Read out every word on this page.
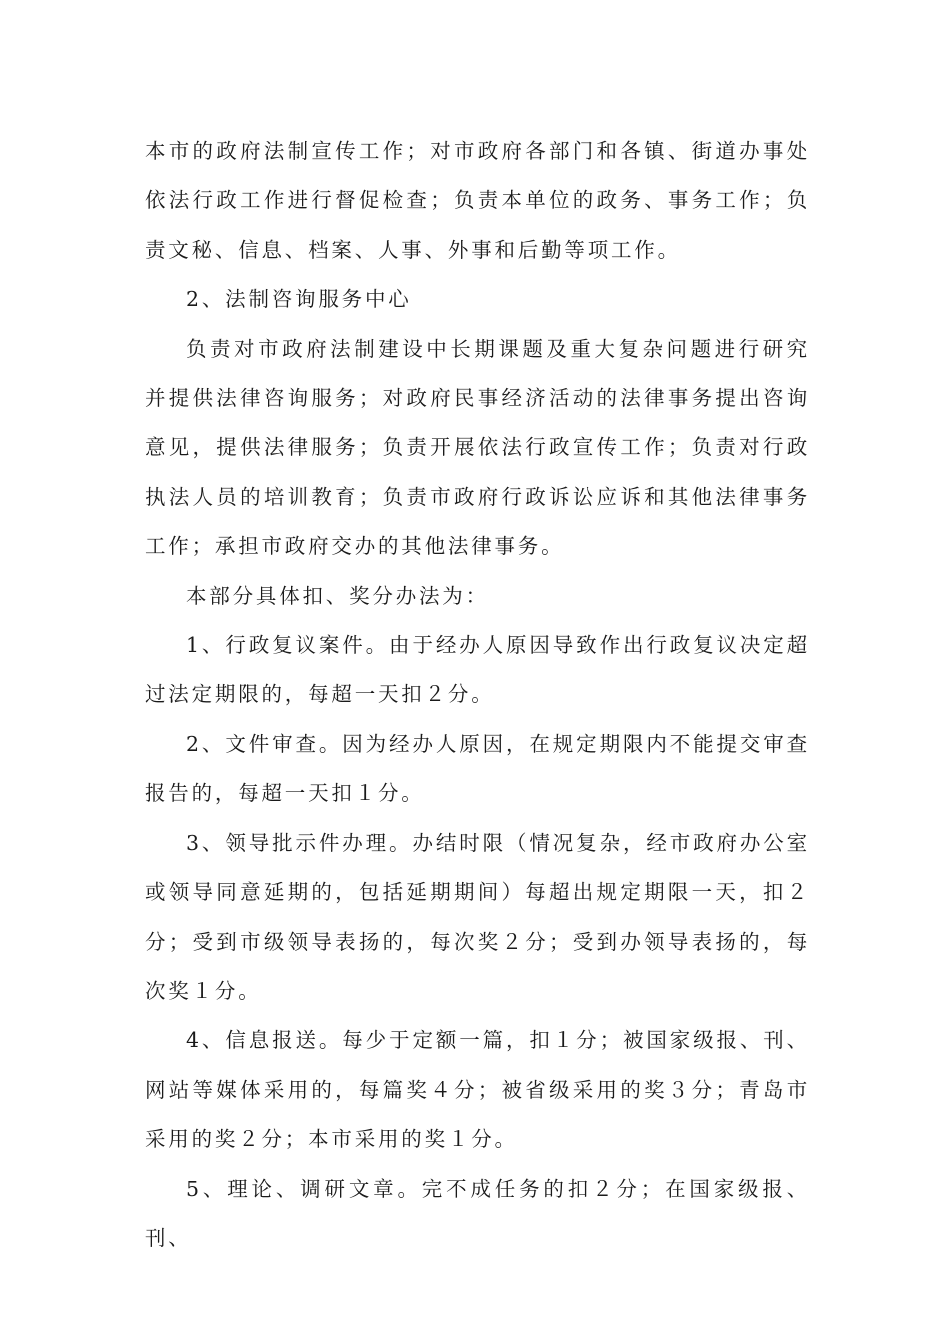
本市的政府法制宣传工作；对市政府各部门和各镇、街道办事处依法行政工作进行督促检查；负责本单位的政务、事务工作；负责文秘、信息、档案、人事、外事和后勤等项工作。

2、法制咨询服务中心

负责对市政府法制建设中长期课题及重大复杂问题进行研究并提供法律咨询服务；对政府民事经济活动的法律事务提出咨询意见，提供法律服务；负责开展依法行政宣传工作；负责对行政执法人员的培训教育；负责市政府行政诉讼应诉和其他法律事务工作；承担市政府交办的其他法律事务。

本部分具体扣、奖分办法为：

1、行政复议案件。由于经办人原因导致作出行政复议决定超过法定期限的，每超一天扣２分。

2、文件审查。因为经办人原因，在规定期限内不能提交审查报告的，每超一天扣１分。

3、领导批示件办理。办结时限（情况复杂，经市政府办公室或领导同意延期的，包括延期期间）每超出规定期限一天，扣２分；受到市级领导表扬的，每次奖２分；受到办领导表扬的，每次奖１分。

4、信息报送。每少于定额一篇，扣１分；被国家级报、刊、网站等媒体采用的，每篇奖４分；被省级采用的奖３分；青岛市采用的奖２分；本市采用的奖１分。

5、理论、调研文章。完不成任务的扣２分；在国家级报、刊、
